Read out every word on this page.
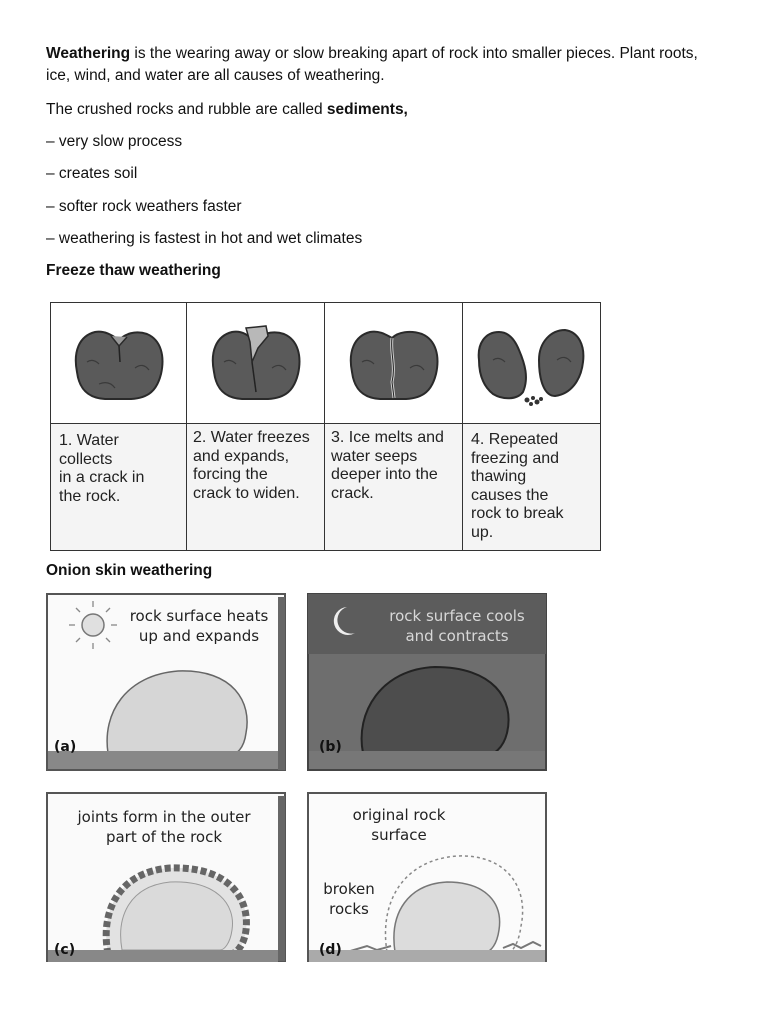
Weathering is the wearing away or slow breaking apart of rock into smaller pieces. Plant roots, ice, wind, and water are all causes of weathering.

The crushed rocks and rubble are called sediments,

– very slow process

– creates soil

– softer rock weathers faster

– weathering is fastest in hot and wet climates

Freeze thaw weathering

1. Water
collects
in a crack in
the rock.
2. Water freezes
and expands,
forcing the
crack to widen.
3. Ice melts and
water seeps
deeper into the
crack.
4. Repeated
freezing and
thawing
causes the
rock to break
up.

Onion skin weathering

rock surface heats
up and expands
(a)
rock surface cools
and contracts
(b)
joints form in the outer
part of the rock
(c)
original rock
surface
broken
rocks
(d)
